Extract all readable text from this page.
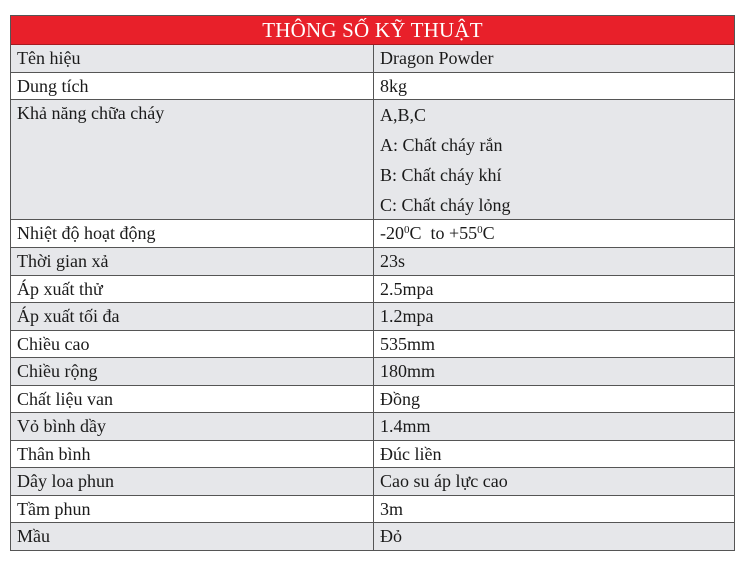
THÔNG SỐ KỸ THUẬT
Tên hiệu	Dragon Powder
Dung tích	8kg
Khả năng chữa cháy	A,B,C
A: Chất cháy rắn
B: Chất cháy khí
C: Chất cháy lỏng
Nhiệt độ hoạt động	$-20^0C$  to $+55^0C$
Thời gian xả	23s
Áp xuất thử	2.5mpa
Áp xuất tối đa	1.2mpa
Chiều cao	535mm
Chiều rộng	180mm
Chất liệu van	Đồng
Vỏ bình dầy	1.4mm
Thân bình	Đúc liền
Dây loa phun	Cao su áp lực cao
Tầm phun	3m
Mầu	Đỏ
